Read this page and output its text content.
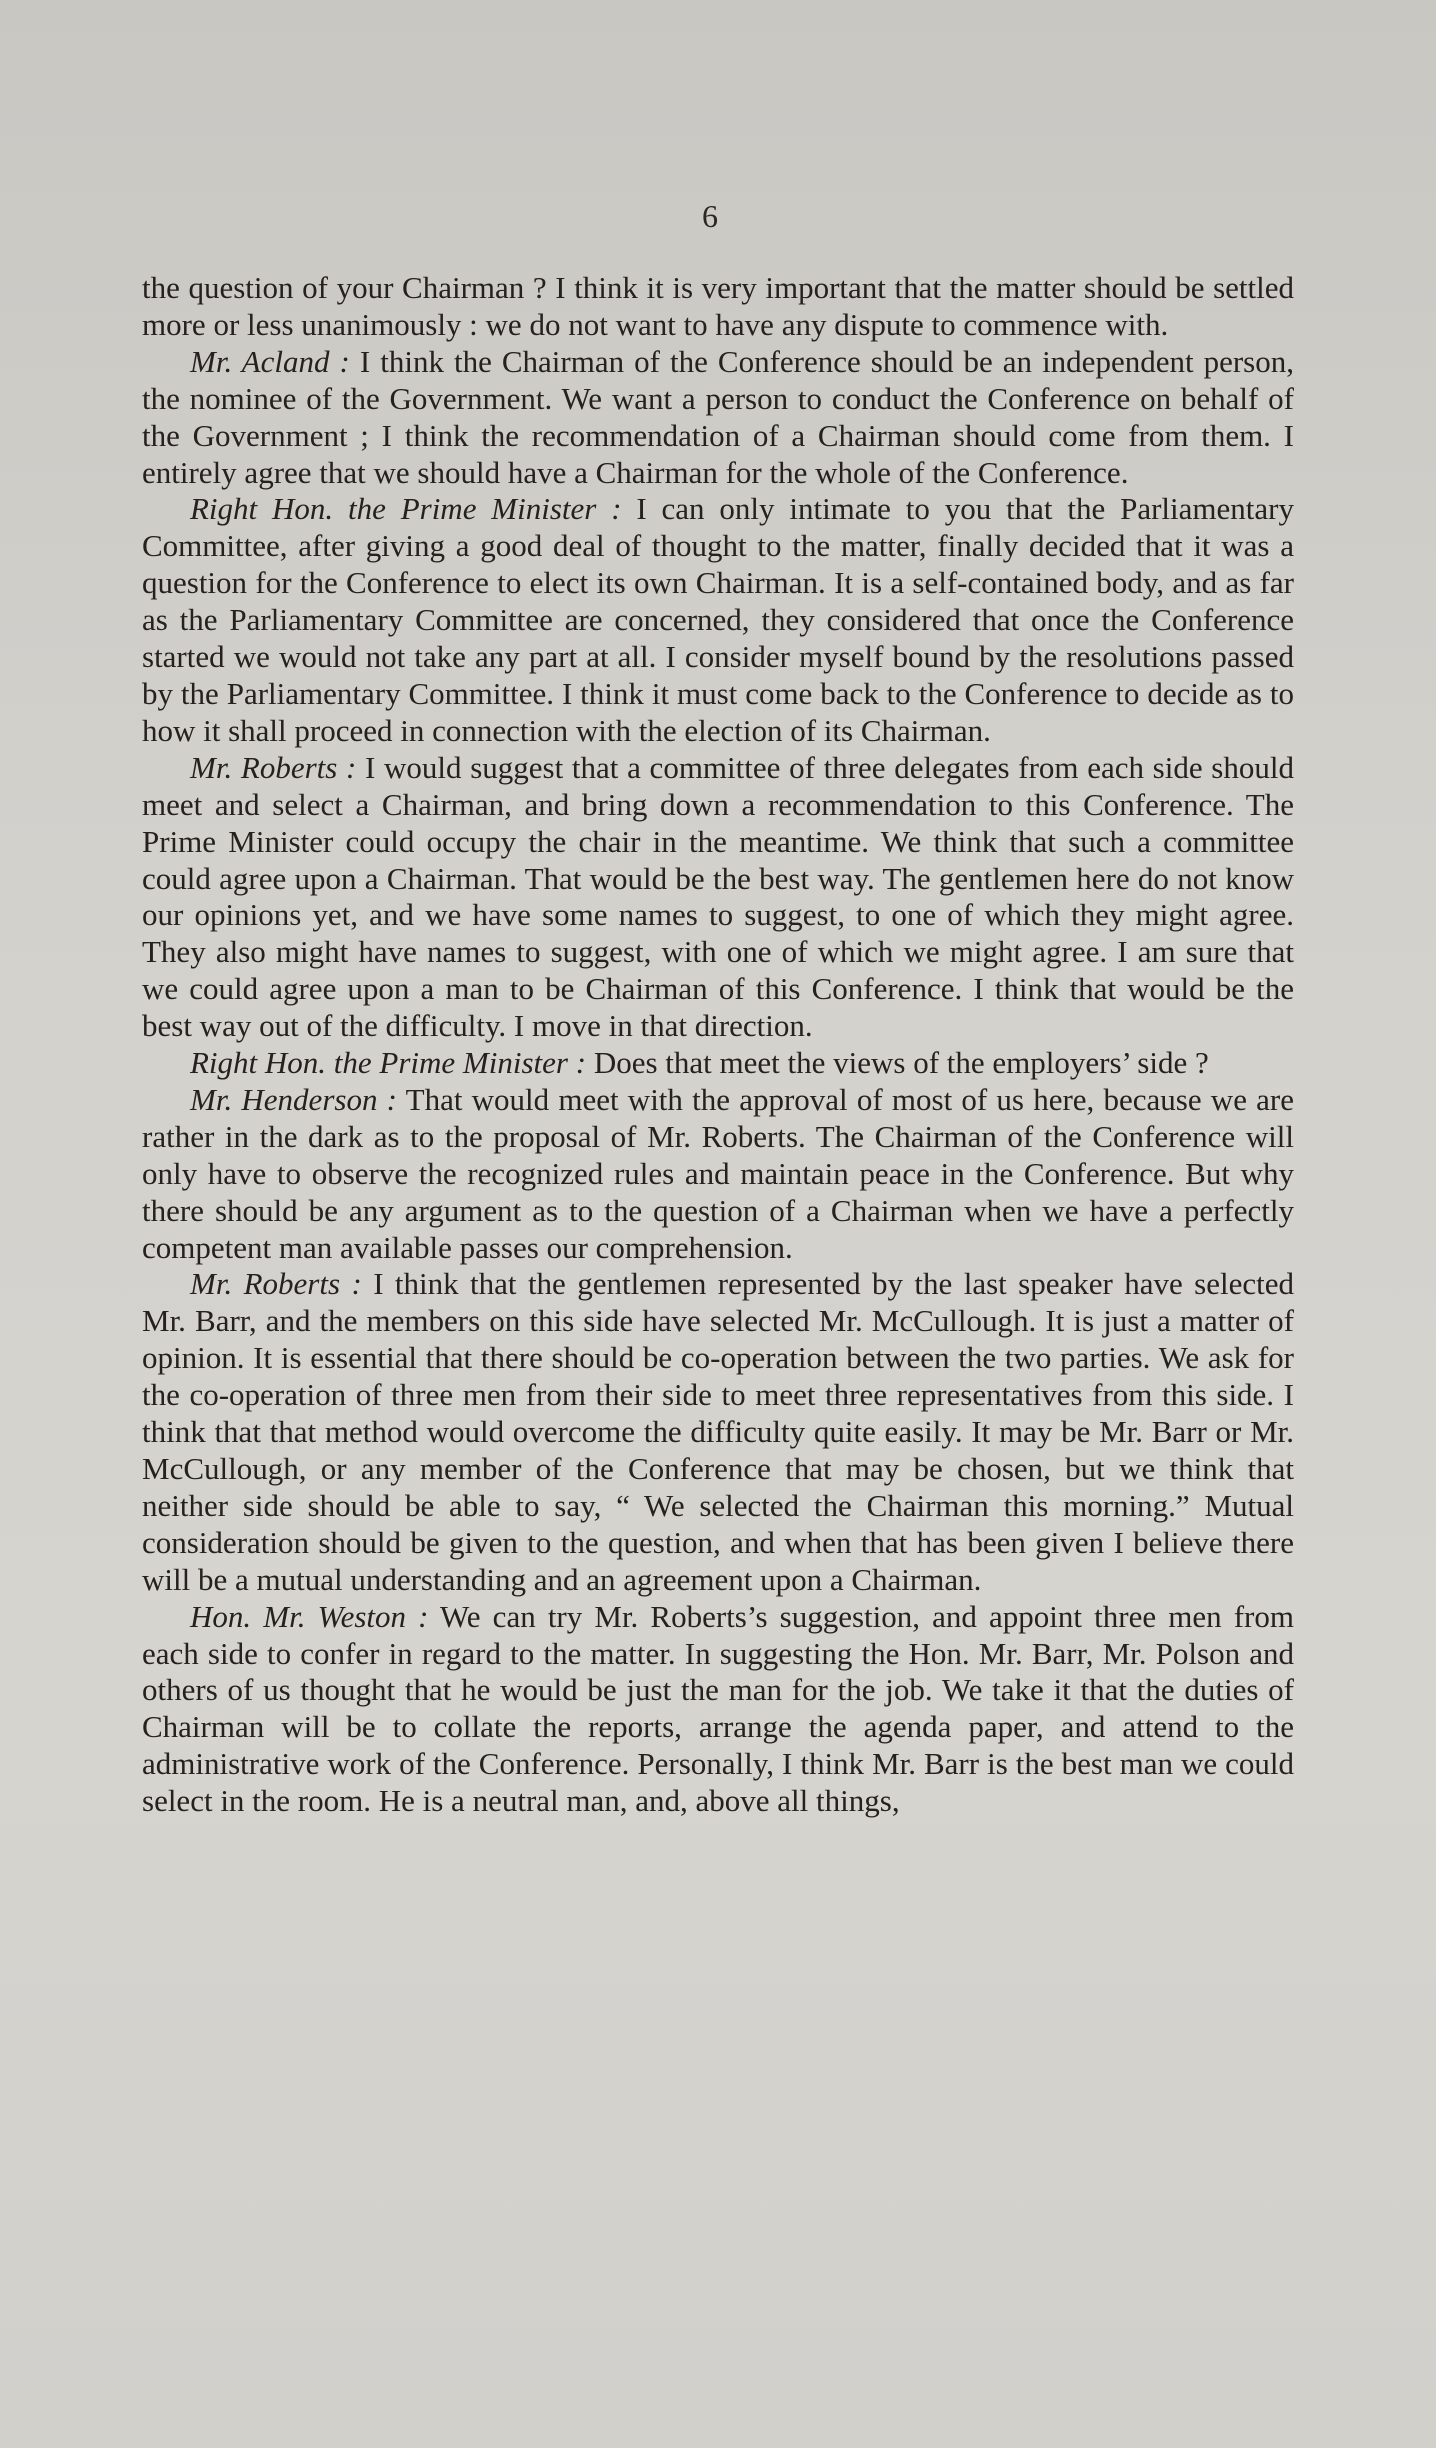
6

the question of your Chairman ? I think it is very important that the matter should be settled more or less unanimously : we do not want to have any dispute to commence with.

Mr. Acland : I think the Chairman of the Conference should be an independent person, the nominee of the Government. We want a person to conduct the Conference on behalf of the Government ; I think the recommendation of a Chairman should come from them. I entirely agree that we should have a Chairman for the whole of the Conference.

Right Hon. the Prime Minister : I can only intimate to you that the Parliamentary Committee, after giving a good deal of thought to the matter, finally decided that it was a question for the Conference to elect its own Chairman. It is a self-contained body, and as far as the Parliamentary Committee are concerned, they considered that once the Conference started we would not take any part at all. I consider myself bound by the resolutions passed by the Parliamentary Committee. I think it must come back to the Conference to decide as to how it shall proceed in connection with the election of its Chairman.

Mr. Roberts : I would suggest that a committee of three delegates from each side should meet and select a Chairman, and bring down a recommendation to this Conference. The Prime Minister could occupy the chair in the meantime. We think that such a committee could agree upon a Chairman. That would be the best way. The gentlemen here do not know our opinions yet, and we have some names to suggest, to one of which they might agree. They also might have names to suggest, with one of which we might agree. I am sure that we could agree upon a man to be Chairman of this Conference. I think that would be the best way out of the difficulty. I move in that direction.

Right Hon. the Prime Minister : Does that meet the views of the employers’ side ?

Mr. Henderson : That would meet with the approval of most of us here, because we are rather in the dark as to the proposal of Mr. Roberts. The Chairman of the Conference will only have to observe the recognized rules and maintain peace in the Conference. But why there should be any argument as to the question of a Chairman when we have a perfectly competent man available passes our comprehension.

Mr. Roberts : I think that the gentlemen represented by the last speaker have selected Mr. Barr, and the members on this side have selected Mr. McCullough. It is just a matter of opinion. It is essential that there should be co-operation between the two parties. We ask for the co-operation of three men from their side to meet three representatives from this side. I think that that method would overcome the difficulty quite easily. It may be Mr. Barr or Mr. McCullough, or any member of the Conference that may be chosen, but we think that neither side should be able to say, “ We selected the Chairman this morning.” Mutual consideration should be given to the question, and when that has been given I believe there will be a mutual understanding and an agreement upon a Chairman.

Hon. Mr. Weston : We can try Mr. Roberts’s suggestion, and appoint three men from each side to confer in regard to the matter. In suggesting the Hon. Mr. Barr, Mr. Polson and others of us thought that he would be just the man for the job. We take it that the duties of Chairman will be to collate the reports, arrange the agenda paper, and attend to the administrative work of the Conference. Personally, I think Mr. Barr is the best man we could select in the room. He is a neutral man, and, above all things,
